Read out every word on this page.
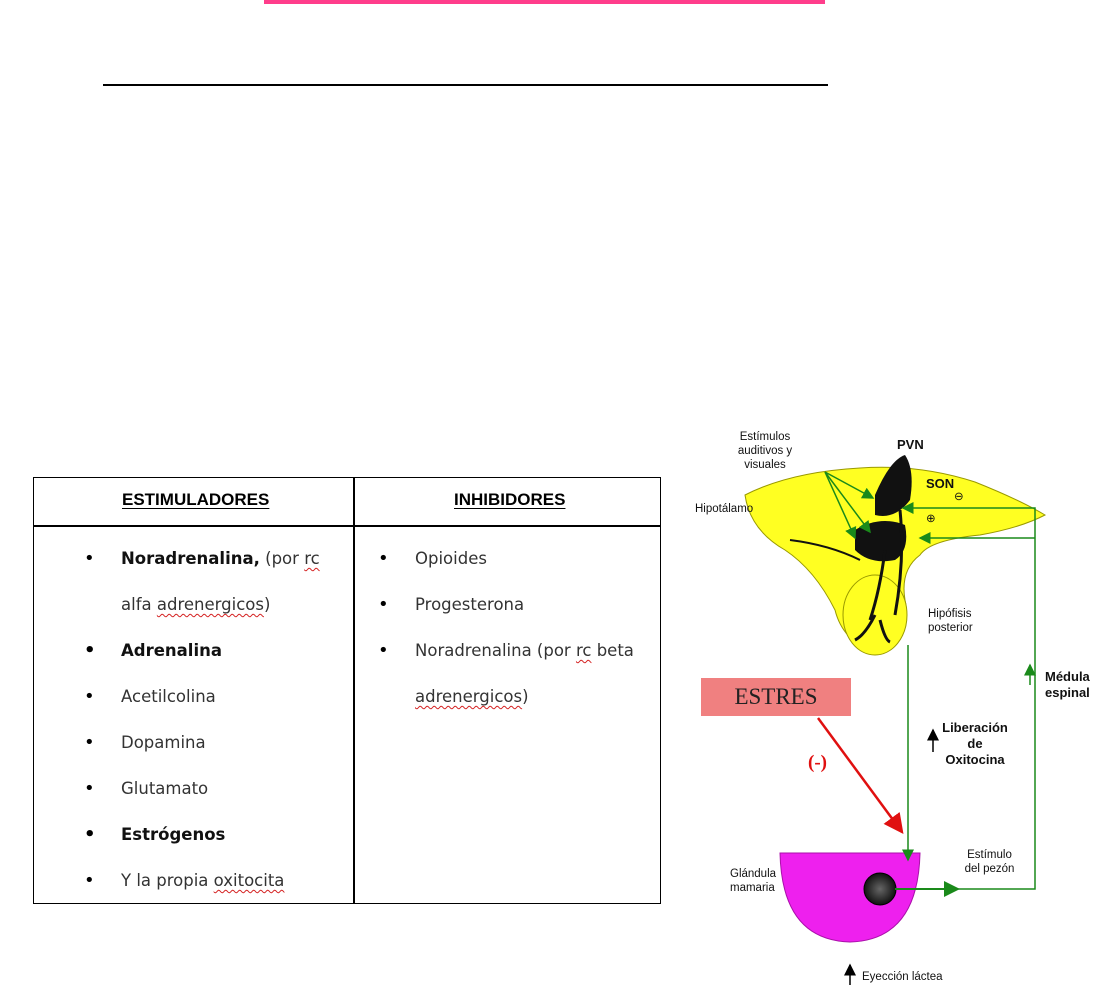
ESTIMULADORES	INHIBIDORES
• Noradrenalina, (por rc
alfa adrenergicos)
• Adrenalina
• Acetilcolina
• Dopamina
• Glutamato
• Estrógenos
• Y la propia oxitocita
• Opioides
• Progesterona
• Noradrenalina (por rc beta
adrenergicos)
Estímulos
auditivos y
visuales
PVN
SON
⊖
⊕
Hipotálamo
Hipófisis
posterior
Médula
espinal
ESTRES
Liberación
de
Oxitocina
(-)
Estímulo
del pezón
Glándula
mamaria
Eyección láctea
